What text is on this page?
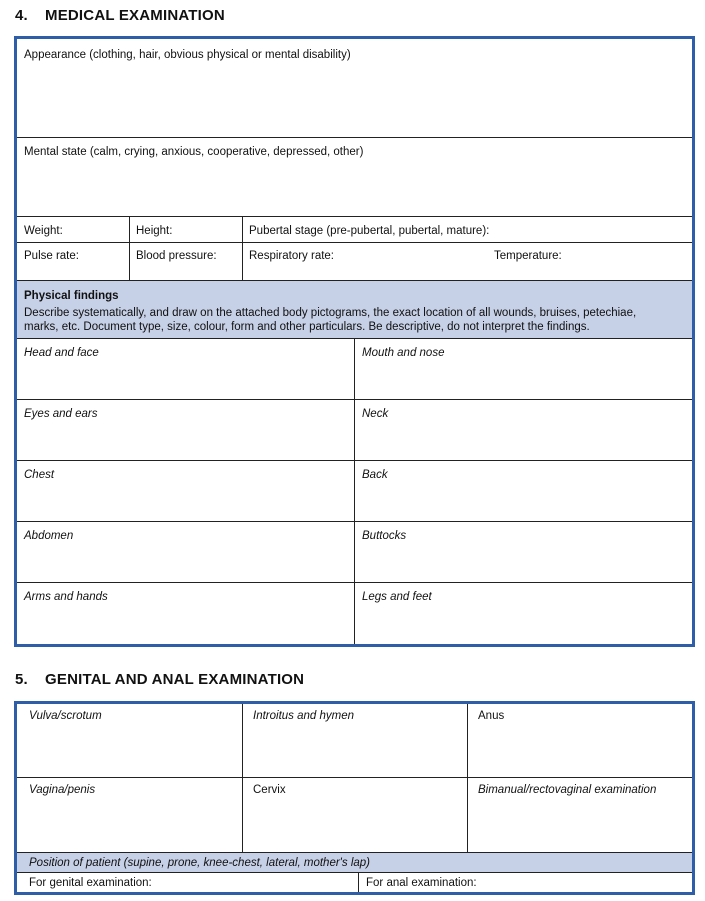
4. MEDICAL EXAMINATION
Appearance (clothing, hair, obvious physical or mental disability)
Mental state (calm, crying, anxious, cooperative, depressed, other)
Weight:	Height:	Pubertal stage (pre-pubertal, pubertal, mature):
Pulse rate:	Blood pressure:	Respiratory rate:	Temperature:
Physical findings
Describe systematically, and draw on the attached body pictograms, the exact location of all wounds, bruises, petechiae,
marks, etc. Document type, size, colour, form and other particulars. Be descriptive, do not interpret the findings.
Head and face	Mouth and nose
Eyes and ears	Neck
Chest	Back
Abdomen	Buttocks
Arms and hands	Legs and feet
5. GENITAL AND ANAL EXAMINATION
Vulva/scrotum	Introitus and hymen	Anus
Vagina/penis	Cervix	Bimanual/rectovaginal examination
Position of patient (supine, prone, knee-chest, lateral, mother's lap)
For genital examination:	For anal examination:
